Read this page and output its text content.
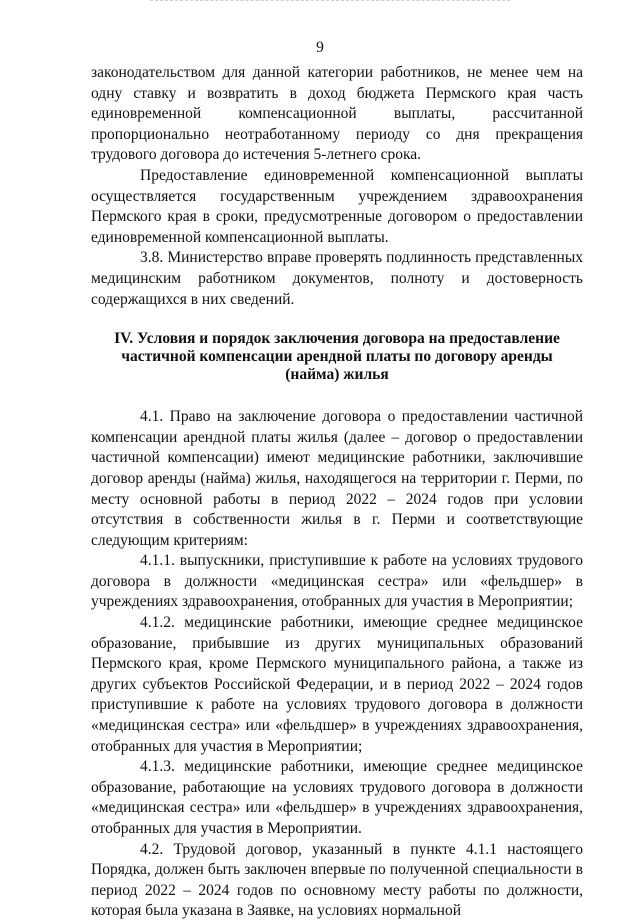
9

законодательством для данной категории работников, не менее чем на одну ставку и возвратить в доход бюджета Пермского края часть единовременной компенсационной выплаты, рассчитанной пропорционально неотработанному периоду со дня прекращения трудового договора до истечения 5-летнего срока.

Предоставление единовременной компенсационной выплаты осуществляется государственным учреждением здравоохранения Пермского края в сроки, предусмотренные договором о предоставлении единовременной компенсационной выплаты.

3.8. Министерство вправе проверять подлинность представленных медицинским работником документов, полноту и достоверность содержащихся в них сведений.

IV. Условия и порядок заключения договора на предоставление
частичной компенсации арендной платы по договору аренды
(найма) жилья

4.1. Право на заключение договора о предоставлении частичной компенсации арендной платы жилья (далее – договор о предоставлении частичной компенсации) имеют медицинские работники, заключившие договор аренды (найма) жилья, находящегося на территории г. Перми, по месту основной работы в период 2022 – 2024 годов при условии отсутствия в собственности жилья в г. Перми и соответствующие следующим критериям:

4.1.1. выпускники, приступившие к работе на условиях трудового договора в должности «медицинская сестра» или «фельдшер» в учреждениях здравоохранения, отобранных для участия в Мероприятии;

4.1.2. медицинские работники, имеющие среднее медицинское образование, прибывшие из других муниципальных образований Пермского края, кроме Пермского муниципального района, а также из других субъектов Российской Федерации, и в период 2022 – 2024 годов приступившие к работе на условиях трудового договора в должности «медицинская сестра» или «фельдшер» в учреждениях здравоохранения, отобранных для участия в Мероприятии;

4.1.3. медицинские работники, имеющие среднее медицинское образование, работающие на условиях трудового договора в должности «медицинская сестра» или «фельдшер» в учреждениях здравоохранения, отобранных для участия в Мероприятии.

4.2. Трудовой договор, указанный в пункте 4.1.1 настоящего Порядка, должен быть заключен впервые по полученной специальности в период 2022 – 2024 годов по основному месту работы по должности, которая была указана в Заявке, на условиях нормальной
